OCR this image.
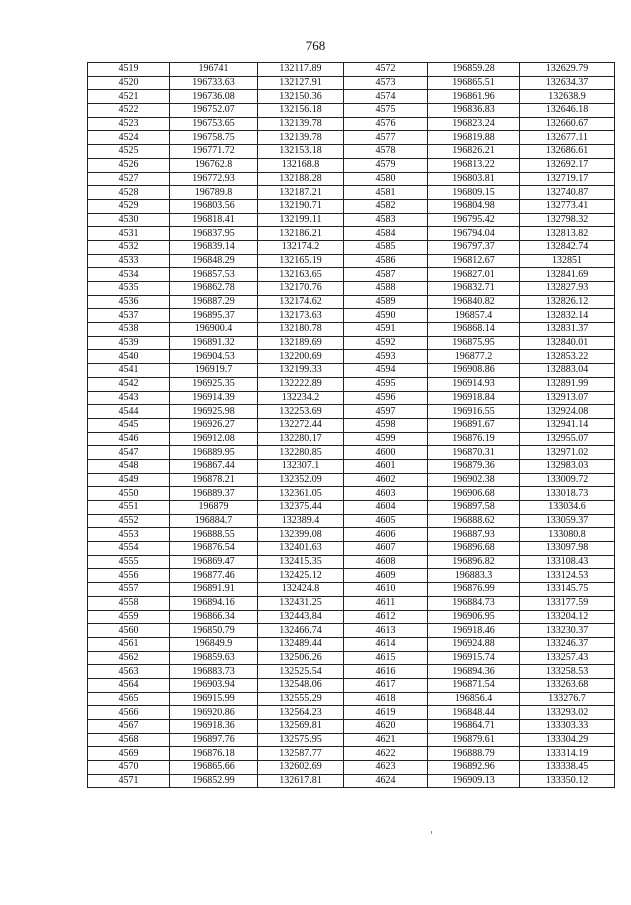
768
4519	196741	132117.89	4572	196859.28	132629.79
4520	196733.63	132127.91	4573	196865.51	132634.37
4521	196736.08	132150.36	4574	196861.96	132638.9
4522	196752.07	132156.18	4575	196836.83	132646.18
4523	196753.65	132139.78	4576	196823.24	132660.67
4524	196758.75	132139.78	4577	196819.88	132677.11
4525	196771.72	132153.18	4578	196826.21	132686.61
4526	196762.8	132168.8	4579	196813.22	132692.17
4527	196772.93	132188.28	4580	196803.81	132719.17
4528	196789.8	132187.21	4581	196809.15	132740.87
4529	196803.56	132190.71	4582	196804.98	132773.41
4530	196818.41	132199.11	4583	196795.42	132798.32
4531	196837.95	132186.21	4584	196794.04	132813.82
4532	196839.14	132174.2	4585	196797.37	132842.74
4533	196848.29	132165.19	4586	196812.67	132851
4534	196857.53	132163.65	4587	196827.01	132841.69
4535	196862.78	132170.76	4588	196832.71	132827.93
4536	196887.29	132174.62	4589	196840.82	132826.12
4537	196895.37	132173.63	4590	196857.4	132832.14
4538	196900.4	132180.78	4591	196868.14	132831.37
4539	196891.32	132189.69	4592	196875.95	132840.01
4540	196904.53	132200.69	4593	196877.2	132853.22
4541	196919.7	132199.33	4594	196908.86	132883.04
4542	196925.35	132222.89	4595	196914.93	132891.99
4543	196914.39	132234.2	4596	196918.84	132913.07
4544	196925.98	132253.69	4597	196916.55	132924.08
4545	196926.27	132272.44	4598	196891.67	132941.14
4546	196912.08	132280.17	4599	196876.19	132955.07
4547	196889.95	132280.85	4600	196870.31	132971.02
4548	196867.44	132307.1	4601	196879.36	132983.03
4549	196878.21	132352.09	4602	196902.38	133009.72
4550	196889.37	132361.05	4603	196906.68	133018.73
4551	196879	132375.44	4604	196897.58	133034.6
4552	196884.7	132389.4	4605	196888.62	133059.37
4553	196888.55	132399.08	4606	196887.93	133080.8
4554	196876.54	132401.63	4607	196896.68	133097.98
4555	196869.47	132415.35	4608	196896.82	133108.43
4556	196877.46	132425.12	4609	196883.3	133124.53
4557	196891.91	132424.8	4610	196876.99	133145.75
4558	196894.16	132431.25	4611	196884.73	133177.59
4559	196866.34	132443.84	4612	196906.95	133204.12
4560	196850.79	132466.74	4613	196918.46	133230.37
4561	196849.9	132489.44	4614	196924.88	133246.37
4562	196859.63	132506.26	4615	196915.74	133257.43
4563	196883.73	132525.54	4616	196894.36	133258.53
4564	196903.94	132548.06	4617	196871.54	133263.68
4565	196915.99	132555.29	4618	196856.4	133276.7
4566	196920.86	132564.23	4619	196848.44	133293.02
4567	196918.36	132569.81	4620	196864.71	133303.33
4568	196897.76	132575.95	4621	196879.61	133304.29
4569	196876.18	132587.77	4622	196888.79	133314.19
4570	196865.66	132602.69	4623	196892.96	133338.45
4571	196852.99	132617.81	4624	196909.13	133350.12
